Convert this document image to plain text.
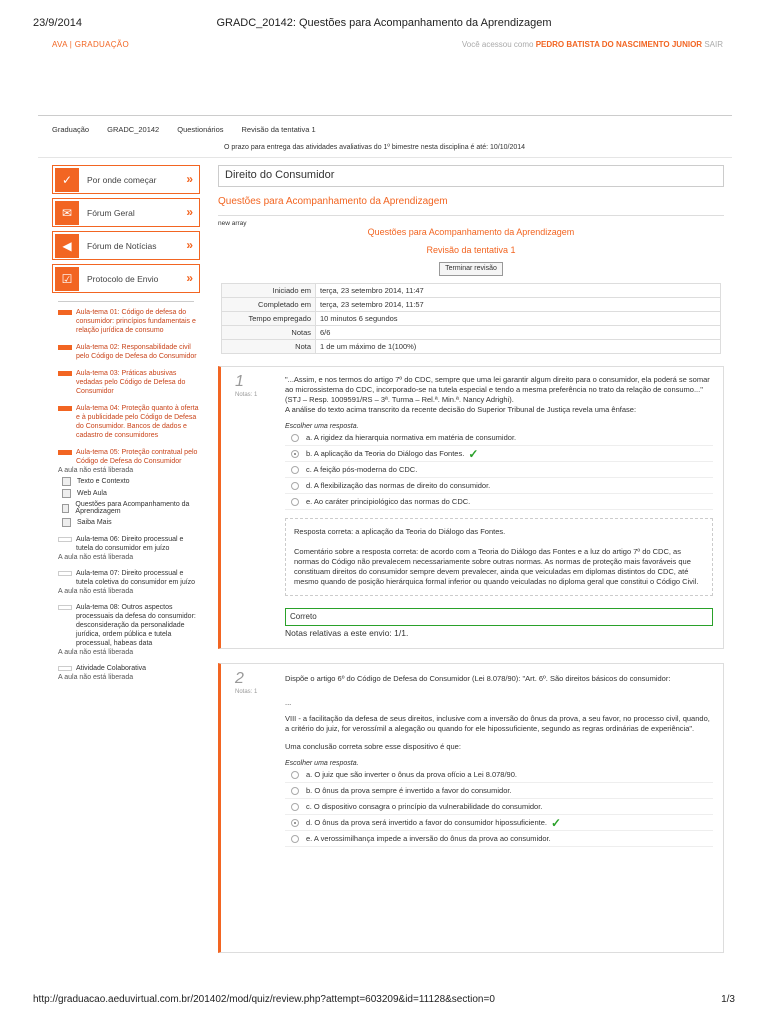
23/9/2014	GRADC_20142: Questões para Acompanhamento da Aprendizagem
AVA | GRADUAÇÃO	Você acessou como PEDRO BATISTA DO NASCIMENTO JUNIOR SAIR
Graduação GRADC_20142 Questionários Revisão da tentativa 1
O prazo para entrega das atividades avaliativas do 1º bimestre nesta disciplina é até: 10/10/2014
✓	Por onde começar »
✉	Fórum Geral	»
◀	Fórum de Notícias »
☑	Protocolo de Envio »
Aula-tema 01: Código de defesa do consumidor: princípios fundamentais e relação jurídica de consumo
Aula-tema 02: Responsabilidade civil pelo Código de Defesa do Consumidor
Aula-tema 03: Práticas abusivas vedadas pelo Código de Defesa do Consumidor
Aula-tema 04: Proteção quanto à oferta e à publicidade pelo Código de Defesa do Consumidor. Bancos de dados e cadastro de consumidores
Aula-tema 05: Proteção contratual pelo Código de Defesa do Consumidor
A aula não está liberada
Texto e Contexto
Web Aula
Questões para Acompanhamento da Aprendizagem
Saiba Mais
Aula-tema 06: Direito processual e tutela do consumidor em juízo
A aula não está liberada
Aula-tema 07: Direito processual e tutela coletiva do consumidor em juízo
A aula não está liberada
Aula-tema 08: Outros aspectos processuais da defesa do consumidor: desconsideração da personalidade jurídica, ordem pública e tutela processual, habeas data
A aula não está liberada
Atividade Colaborativa
A aula não está liberada
Direito do Consumidor
Questões para Acompanhamento da Aprendizagem
new array
Questões para Acompanhamento da Aprendizagem
Revisão da tentativa 1
Terminar revisão
Iniciado em	terça, 23 setembro 2014, 11:47
Completado em	terça, 23 setembro 2014, 11:57
Tempo empregado	10 minutos 6 segundos
Notas	6/6
Nota	1 de um máximo de 1(100%)
1
Notas: 1
"...Assim, e nos termos do artigo 7º do CDC, sempre que uma lei garantir algum direito para o consumidor, ela poderá se somar ao microssistema do CDC, incorporado-se na tutela especial e tendo a mesma preferência no trato da relação de consumo..." (STJ – Resp. 1009591/RS – 3ª. Turma – Rel.ª. Min.ª. Nancy Adrighi).
A análise do texto acima transcrito da recente decisão do Superior Tribunal de Justiça revela uma ênfase:
Escolher uma resposta.
a. A rigidez da hierarquia normativa em matéria de consumidor.
b. A aplicação da Teoria do Diálogo das Fontes. ✓
c. A feição pós-moderna do CDC.
d. A flexibilização das normas de direito do consumidor.
e. Ao caráter principiológico das normas do CDC.
Resposta correta: a aplicação da Teoria do Diálogo das Fontes.
Comentário sobre a resposta correta: de acordo com a Teoria do Diálogo das Fontes e a luz do artigo 7º do CDC, as normas do Código não prevalecem necessariamente sobre outras normas. As normas de proteção mais favoráveis que constituam direitos do consumidor sempre devem prevalecer, ainda que veiculadas em diplomas distintos do CDC, até mesmo quando de posição hierárquica formal inferior ou quando veiculadas no diploma geral que constitui o Código Civil.
Correto
Notas relativas a este envio: 1/1.
2
Notas: 1
Dispõe o artigo 6º do Código de Defesa do Consumidor (Lei 8.078/90): "Art. 6º. São direitos básicos do consumidor:
...
VIII - a facilitação da defesa de seus direitos, inclusive com a inversão do ônus da prova, a seu favor, no processo civil, quando, a critério do juiz, for verossímil a alegação ou quando for ele hipossuficiente, segundo as regras ordinárias de experiência".
Uma conclusão correta sobre esse dispositivo é que:
Escolher uma resposta.
a. O juiz que são inverter o ônus da prova ofício a Lei 8.078/90.
b. O ônus da prova sempre é invertido a favor do consumidor.
c. O dispositivo consagra o princípio da vulnerabilidade do consumidor.
d. O ônus da prova será invertido a favor do consumidor hipossuficiente. ✓
e. A verossimilhança impede a inversão do ônus da prova ao consumidor.
http://graduacao.aeduvirtual.com.br/201402/mod/quiz/review.php?attempt=603209&id=11128&section=0	1/3
